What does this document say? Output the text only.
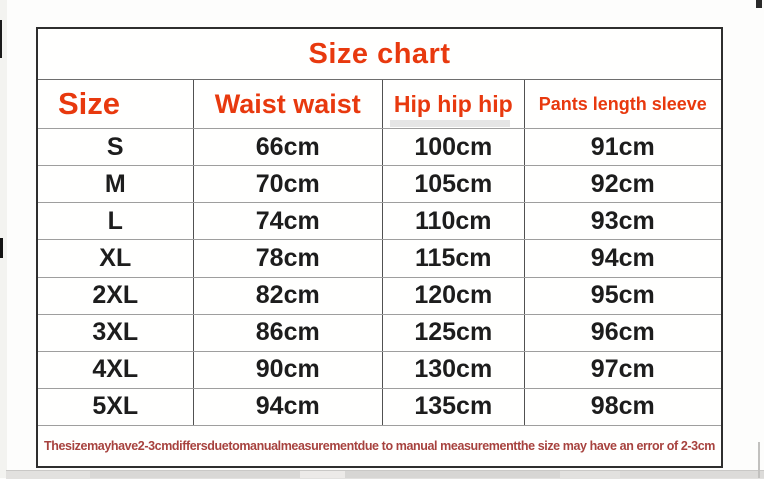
Size chart
Size	Waist waist	Hip hip hip	Pants length sleeve
S	66cm	100cm	91cm
M	70cm	105cm	92cm
L	74cm	110cm	93cm
XL	78cm	115cm	94cm
2XL	82cm	120cm	95cm
3XL	86cm	125cm	96cm
4XL	90cm	130cm	97cm
5XL	94cm	135cm	98cm
Thesizemayhave2-3cmdiffersduetomanualmeasurementdue to manual measurementthe size may have an error of 2-3cm
